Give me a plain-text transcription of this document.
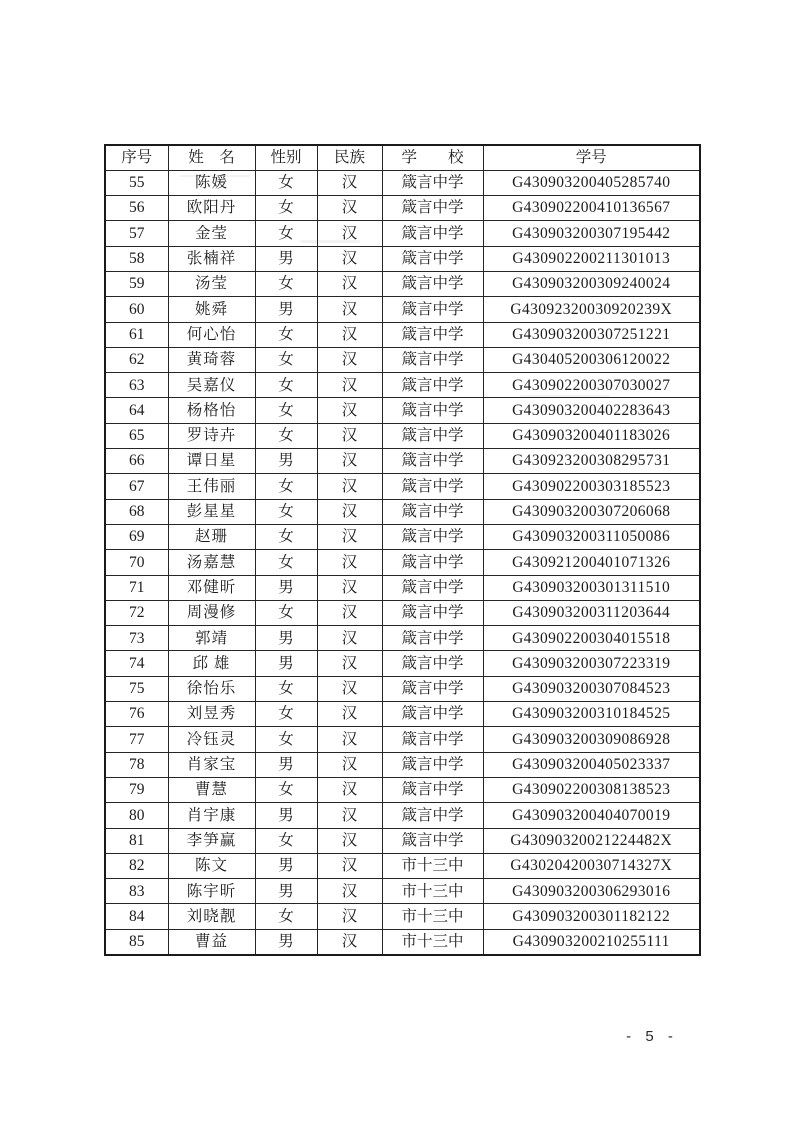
序号	姓　名	性别	民族	学　　校	学号
55	陈媛	女	汉	箴言中学	G430903200405285740
56	欧阳丹	女	汉	箴言中学	G430902200410136567
57	金莹	女	汉	箴言中学	G430903200307195442
58	张楠祥	男	汉	箴言中学	G430902200211301013
59	汤莹	女	汉	箴言中学	G430903200309240024
60	姚舜	男	汉	箴言中学	G43092320030920239X
61	何心怡	女	汉	箴言中学	G430903200307251221
62	黄琦蓉	女	汉	箴言中学	G430405200306120022
63	吴嘉仪	女	汉	箴言中学	G430902200307030027
64	杨格怡	女	汉	箴言中学	G430903200402283643
65	罗诗卉	女	汉	箴言中学	G430903200401183026
66	谭日星	男	汉	箴言中学	G430923200308295731
67	王伟丽	女	汉	箴言中学	G430902200303185523
68	彭星星	女	汉	箴言中学	G430903200307206068
69	赵珊	女	汉	箴言中学	G430903200311050086
70	汤嘉慧	女	汉	箴言中学	G430921200401071326
71	邓健昕	男	汉	箴言中学	G430903200301311510
72	周漫修	女	汉	箴言中学	G430903200311203644
73	郭靖	男	汉	箴言中学	G430902200304015518
74	邱 雄	男	汉	箴言中学	G430903200307223319
75	徐怡乐	女	汉	箴言中学	G430903200307084523
76	刘昱秀	女	汉	箴言中学	G430903200310184525
77	冷钰灵	女	汉	箴言中学	G430903200309086928
78	肖家宝	男	汉	箴言中学	G430903200405023337
79	曹慧	女	汉	箴言中学	G430902200308138523
80	肖宇康	男	汉	箴言中学	G430903200404070019
81	李笋赢	女	汉	箴言中学	G43090320021224482X
82	陈文	男	汉	市十三中	G43020420030714327X
83	陈宇昕	男	汉	市十三中	G430903200306293016
84	刘晓靓	女	汉	市十三中	G430903200301182122
85	曹益	男	汉	市十三中	G430903200210255111
- 5 -
